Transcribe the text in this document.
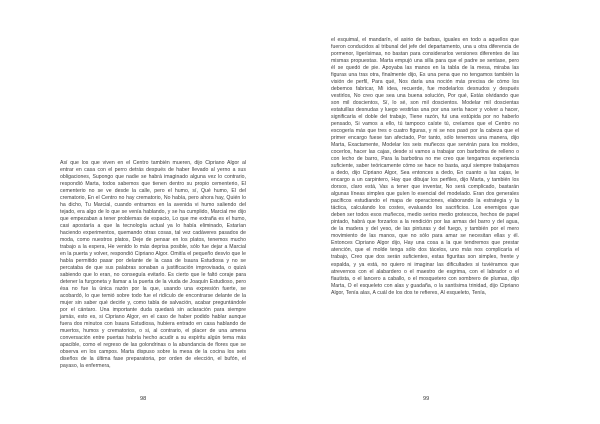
Así que los que viven en el Centro también mueren, dijo Cipriano Algor al entrar en casa con el perro detrás después de haber llevado al yerno a sus obligaciones, Supongo que nadie se habrá imaginado alguna vez lo contrario, respondió Marta, todos sabemos que tienen dentro su propio cementerio, El cementerio no se ve desde la calle, pero el humo, sí, Qué humo, El del crematorio, En el Centro no hay crematorio, No había, pero ahora hay, Quién lo ha dicho, Tu Marcial, cuando entramos en la avenida vi humo saliendo del tejado, era algo de lo que se venía hablando, y se ha cumplido, Marcial me dijo que empezaban a tener problemas de espacio, Lo que me extraña es el humo, casi apostaría a que la tecnología actual ya lo había eliminado, Estarían haciendo experimentos, quemando otras cosas, tal vez cadáveres pasados de moda, como nuestros platos, Deje de pensar en los platos, tenemos mucho trabajo a la espera, He venido lo más deprisa posible, sólo fue dejar a Marcial en la puerta y volver, respondió Cipriano Algor. Omitía el pequeño desvío que le había permitido pasar por delante de la casa de Isaura Estudiosa y no se percataba de que sus palabras sonaban a justificación improvisada, o quizá sabiendo que lo eran, no conseguía evitarlo. Es cierto que le faltó coraje para detener la furgoneta y llamar a la puerta de la viuda de Joaquín Estudioso, pero ésa no fue la única razón por la que, usando una expresión fuerte, se acobardó, lo que temió sobre todo fue el ridículo de encontrarse delante de la mujer sin saber qué decirle y, como tabla de salvación, acabar preguntándole por el cántaro. Una importante duda quedará sin aclaración para siempre jamás, esto es, si Cipriano Algor, en el caso de haber podido hablar aunque fuera dos minutos con Isaura Estudiosa, hubiera entrado en casa hablando de muertos, humos y crematorios, o si, al contrario, el placer de una amena conversación entre puertas habría hecho acudir a su espíritu algún tema más apacible, como el regreso de las golondrinas o la abundancia de flores que se observa en los campos. Marta dispuso sobre la mesa de la cocina los seis diseños de la última fase preparatoria, por orden de elección, el bufón, el payaso, la enfermera,
98
el esquimal, el mandarín, el asirio de barbas, iguales en todo a aquellos que fueron conducidos al tribunal del jefe del departamento, una u otra diferencia de pormenor, ligerísimas, no bastan para considerarlos versiones diferentes de las mismas propuestas. Marta empujó una silla para que el padre se sentase, pero él se quedó de pie. Apoyaba las manos en la tabla de la mesa, miraba las figuras una tras otra, finalmente dijo, Es una pena que no tengamos también la visión de perfil, Para qué, Nos daría una noción más precisa de cómo los debemos fabricar, Mi idea, recuerde, fue modelarlos desnudos y después vestirlos, No creo que sea una buena solución, Por qué, Estás olvidando que son mil doscientos, Sí, lo sé, son mil doscientos. Modelar mil doscientas estatuillas desnudas y luego vestirlas una por una sería hacer y volver a hacer, significaría el doble del trabajo, Tiene razón, fui una estúpida por no haberlo pensado, Si vamos a ello, tú tampoco caíste tú, creíamos que el Centro no escogería más que tres o cuatro figuras, y ni se nos pasó por la cabeza que el primer encargo fuese tan afectado, Por tanto, sólo tenemos una manera, dijo Marta, Exactamente, Modelar los seis muñecos que servirán para los moldes, cocerlos, hacer las cajas, desde si vamos a trabajar con barbotina de relleno o con lecho de barro, Para la barbotina no me creo que tengamos experiencia suficiente, saber teóricamente cómo se hace no basta, aquí siempre trabajamos a dedo, dijo Cipriano Algor, Sea entonces a dedo, En cuanto a las cajas, le encargo a un carpintero, Hay que dibujar los perfiles, dijo Marta, y también los dorsos, claro está, Vas a tener que inventar, No será complicado, bastarán algunas líneas simples que guíen lo esencial del modelado. Eran dos generales pacíficos estudiando el mapa de operaciones, elaborando la estrategia y la táctica, calculando los costes, evaluando los sacrificios. Los enemigos que deben ser todos esos muñecos, medio serios medio grotescos, hechos de papel pintado, habrá que forzarlos a la rendición por las armas del barro y del agua, de la madera y del yeso, de las pinturas y del fuego, y también por el mero movimiento de las manos, que no sólo para amar se necesitan ellas y él. Entonces Cipriano Algor dijo, Hay una cosa a la que tendremos que prestar atención, que el molde tenga sólo dos tácelos, uno más nos complicaría el trabajo, Creo que dos serán suficientes, estas figuritas son simples, frente y espalda, y ya está, no quiero ni imaginar las dificultades si tuviéramos que atrevernos con el alabardero o el maestro de esgrima, con el labrador o el flautista, o el lancero a caballo, o el mosquetero con sombrero de plumas, dijo Marta, O el esqueleto con alas y guadaña, o la santísima trinidad, dijo Cipriano Algor, Tenía alas, A cuál de los dos te refieres, Al esqueleto, Tenía,
99
